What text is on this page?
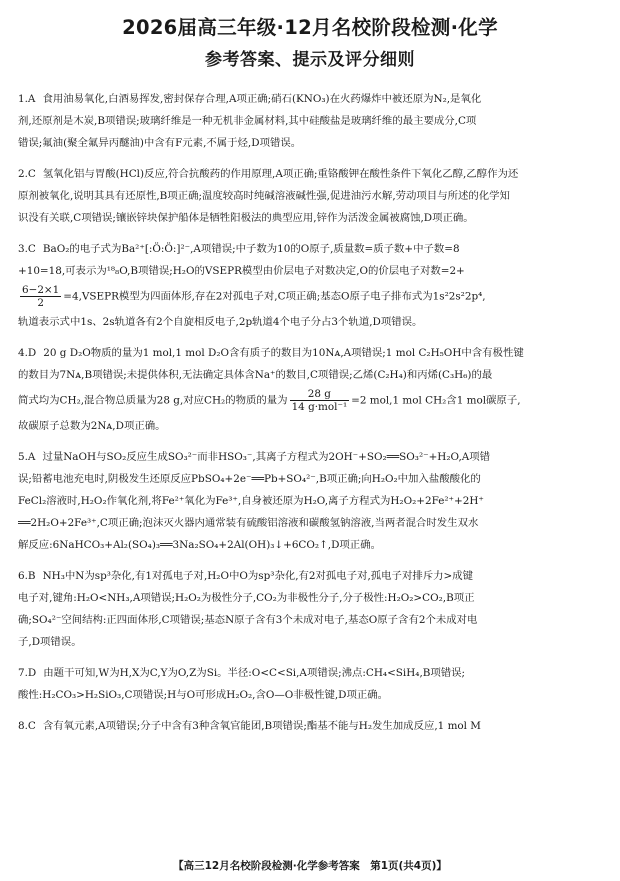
2026届高三年级·12月名校阶段检测·化学
参考答案、提示及评分细则
1.A 食用油易氧化,白酒易挥发,密封保存合理,A项正确;硝石(KNO₃)在火药爆炸中被还原为N₂,是氧化
剂,还原剂是木炭,B项错误;玻璃纤维是一种无机非金属材料,其中硅酸盐是玻璃纤维的最主要成分,C项
错误;氟油(聚全氟异丙醚油)中含有F元素,不属于烃,D项错误。
2.C 氢氧化铝与胃酸(HCl)反应,符合抗酸药的作用原理,A项正确;重铬酸钾在酸性条件下氧化乙醇,乙醇作为还
原剂被氧化,说明其具有还原性,B项正确;温度较高时纯碱溶液碱性强,促进油污水解,劳动项目与所述的化学知
识没有关联,C项错误;镶嵌锌块保护船体是牺牲阳极法的典型应用,锌作为活泼金属被腐蚀,D项正确。
3.C BaO₂的电子式为Ba²⁺[:Ö:Ö:]²⁻,A项错误;中子数为10的O原子,质量数=质子数+中子数=8
+10=18,可表示为¹⁸₈O,B项错误;H₂O的VSEPR模型由价层电子对数决定,O的价层电子对数=2+
$\frac{6-2\times 1}{2}$ =4,VSEPR模型为四面体形,存在2对孤电子对,C项正确;基态O原子电子排布式为1s²2s²2p⁴,
轨道表示式中1s、2s轨道各有2个自旋相反电子,2p轨道4个电子分占3个轨道,D项错误。
4.D 20 g D₂O物质的量为1 mol,1 mol D₂O含有质子的数目为10Nᴀ,A项错误;1 mol C₂H₅OH中含有极性键
的数目为7Nᴀ,B项错误;未提供体积,无法确定具体含Na⁺的数目,C项错误;乙烯(C₂H₄)和丙烯(C₃H₆)的最
简式均为CH₂,混合物总质量为28 g,对应CH₂的物质的量为 $\frac{28 g}{\text{14 g·mol⁻¹}} =2$ mol,1 mol CH₂含1 mol碳原子,
故碳原子总数为2Nᴀ,D项正确。
5.A 过量NaOH与SO₂反应生成SO₃²⁻而非HSO₃⁻,其离子方程式为2OH⁻+SO₂══SO₃²⁻+H₂O,A项错
误;铅蓄电池充电时,阴极发生还原反应PbSO₄+2e⁻══Pb+SO₄²⁻,B项正确;向H₂O₂中加入盐酸酸化的
FeCl₂溶液时,H₂O₂作氧化剂,将Fe²⁺氧化为Fe³⁺,自身被还原为H₂O,离子方程式为H₂O₂+2Fe²⁺+2H⁺
══2H₂O+2Fe³⁺,C项正确;泡沫灭火器内通常装有硫酸铝溶液和碳酸氢钠溶液,当两者混合时发生双水
解反应:6NaHCO₃+Al₂(SO₄)₃══3Na₂SO₄+2Al(OH)₃↓+6CO₂↑,D项正确。
6.B NH₃中N为sp³杂化,有1对孤电子对,H₂O中O为sp³杂化,有2对孤电子对,孤电子对排斥力>成键
电子对,键角:H₂O<NH₃,A项错误;H₂O₂为极性分子,CO₂为非极性分子,分子极性:H₂O₂>CO₂,B项正
确;SO₄²⁻空间结构:正四面体形,C项错误;基态N原子含有3个未成对电子,基态O原子含有2个未成对电
子,D项错误。
7.D 由题干可知,W为H,X为C,Y为O,Z为Si。半径:O<C<Si,A项错误;沸点:CH₄<SiH₄,B项错误;
酸性:H₂CO₃>H₂SiO₃,C项错误;H与O可形成H₂O₂,含O—O非极性键,D项正确。
8.C 含有氧元素,A项错误;分子中含有3种含氧官能团,B项错误;酯基不能与H₂发生加成反应,1 mol M
【高三12月名校阶段检测·化学参考答案　第1页(共4页)】
